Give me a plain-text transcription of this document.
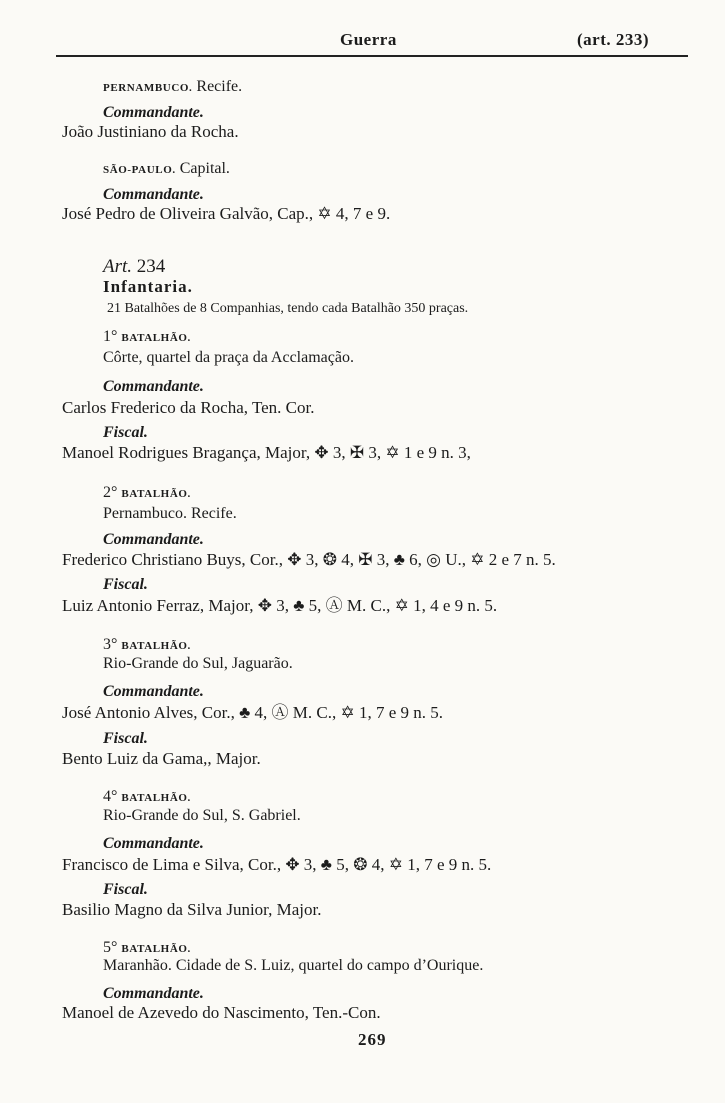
Guerra	(art. 233)
PERNAMBUCO. Recife.
Commandante.
João Justiniano da Rocha.
SÃO-PAULO. Capital.
Commandante.
José Pedro de Oliveira Galvão, Cap., ✡ 4, 7 e 9.
Art. 234
Infantaria.
21 Batalhões de 8 Companhias, tendo cada Batalhão 350 praças.
1° BATALHÃO.
Côrte, quartel da praça da Acclamação.
Commandante.
Carlos Frederico da Rocha, Ten. Cor.
Fiscal.
Manoel Rodrigues Bragança, Major, ✥ 3, ✠ 3, ✡ 1 e 9 n. 3,
2° BATALHÃO.
Pernambuco. Recife.
Commandante.
Frederico Christiano Buys, Cor., ✥ 3, ❂ 4, ✠ 3, ♣ 6, ◎ U., ✡ 2 e 7 n. 5.
Fiscal.
Luiz Antonio Ferraz, Major, ✥ 3, ♣ 5, Ⓐ M. C., ✡ 1, 4 e 9 n. 5.
3° BATALHÃO.
Rio-Grande do Sul, Jaguarão.
Commandante.
José Antonio Alves, Cor., ♣ 4, Ⓐ M. C., ✡ 1, 7 e 9 n. 5.
Fiscal.
Bento Luiz da Gama,, Major.
4° BATALHÃO.
Rio-Grande do Sul, S. Gabriel.
Commandante.
Francisco de Lima e Silva, Cor., ✥ 3, ♣ 5, ❂ 4, ✡ 1, 7 e 9 n. 5.
Fiscal.
Basilio Magno da Silva Junior, Major.
5° BATALHÃO.
Maranhão. Cidade de S. Luiz, quartel do campo d’Ourique.
Commandante.
Manoel de Azevedo do Nascimento, Ten.-Con.
269
